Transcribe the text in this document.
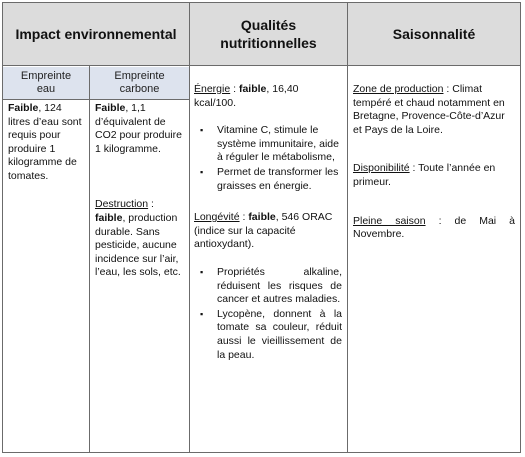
Impact environnemental
Qualités nutritionnelles
Saisonnalité
Empreinte eau
Empreinte carbone
Faible, 124 litres d’eau sont requis pour produire 1 kilogramme de tomates.
Faible, 1,1 d’équivalent de CO2 pour produire 1 kilogramme.
Destruction :
faible, production durable. Sans pesticide, aucune incidence sur l’air, l’eau, les sols, etc.
Énergie : faible, 16,40 kcal/100.
▪ Vitamine C, stimule le système immunitaire, aide à réguler le métabolisme,
▪ Permet de transformer les graisses en énergie.
Longévité : faible, 546 ORAC (indice sur la capacité antioxydant).
▪ Propriétés alkaline, réduisent les risques de cancer et autres maladies.
▪ Lycopène, donnent à la tomate sa couleur, réduit aussi le vieillissement de la peau.
Zone de production : Climat tempéré et chaud notamment en Bretagne, Provence-Côte-d’Azur et Pays de la Loire.
Disponibilité : Toute l’année en primeur.
Pleine saison : de Mai à Novembre.
